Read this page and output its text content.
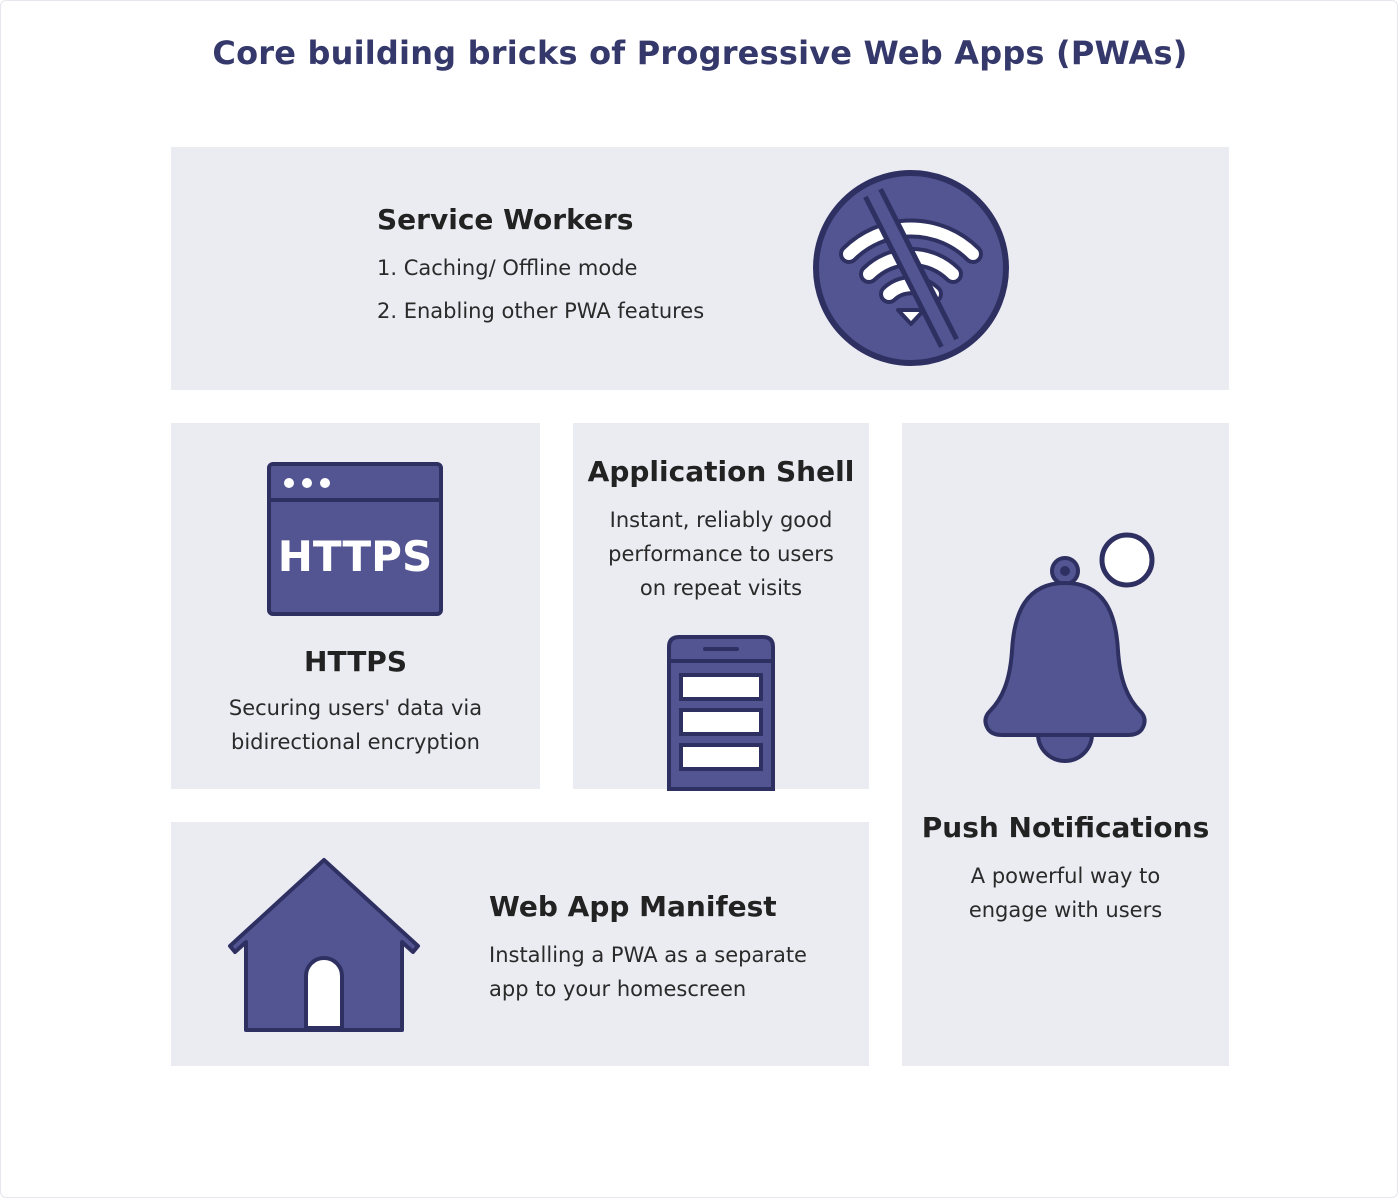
Core building bricks of Progressive Web Apps (PWAs)
Service Workers
1. Caching/ Offline mode
2. Enabling other PWA features
HTTPS
HTTPS
Securing users' data via
bidirectional encryption
Application Shell
Instant, reliably good
performance to users
on repeat visits
Push Notifications
A powerful way to
engage with users
Web App Manifest
Installing a PWA as a separate
app to your homescreen
